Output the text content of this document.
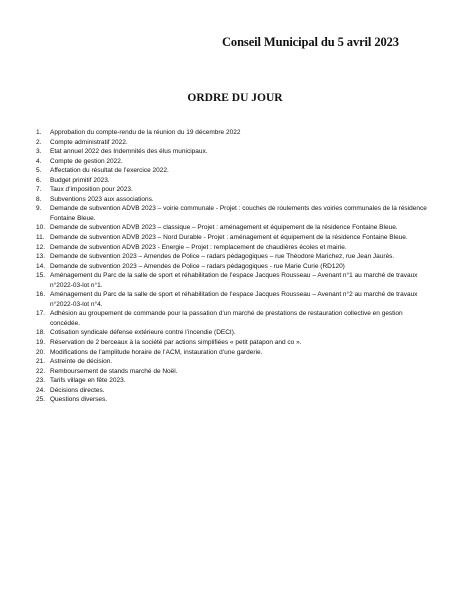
Conseil Municipal du 5 avril 2023
ORDRE DU JOUR
1.	Approbation du compte-rendu de la réunion du 19 décembre 2022
2.	Compte administratif 2022.
3.	Etat annuel 2022 des Indemnités des élus municipaux.
4.	Compte de gestion 2022.
5.	Affectation du résultat de l’exercice 2022.
6.	Budget primitif 2023.
7.	Taux d’imposition pour 2023.
8.	Subventions 2023 aux associations.
9.	Demande de subvention ADVB 2023 – voirie communale - Projet : couches de roulements des voiries communales de la résidence Fontaine Bleue.
10. Demande de subvention ADVB 2023 – classique – Projet : aménagement et équipement de la résidence Fontaine Bleue.
11. Demande de subvention ADVB 2023 – Nord Durable - Projet : aménagement et équipement de la résidence Fontaine Bleue.
12. Demande de subvention ADVB 2023 - Energie – Projet : remplacement de chaudières écoles et mairie.
13. Demande de subvention 2023 – Amendes de Police – radars pédagogiques – rue Théodore Marichez, rue Jean Jaurès.
14. Demande de subvention 2023 – Amendes de Police – radars pédagogiques - rue Marie Curie (RD120)
15. Aménagement du Parc de la salle de sport et réhabilitation de l’espace Jacques Rousseau – Avenant n°1 au marché de travaux n°2022-03-lot n°1.
16. Aménagement du Parc de la salle de sport et réhabilitation de l’espace Jacques Rousseau – Avenant n°2 au marché de travaux n°2022-03-lot n°4.
17. Adhésion au groupement de commande pour la passation d’un marché de prestations de restauration collective en gestion concédée.
18. Cotisation syndicale défense extérieure contre l’incendie (DECI).
19. Réservation de 2 berceaux à la société par actions simplifiées « petit patapon and co ».
20. Modifications de l’amplitude horaire de l’ACM, instauration d’une garderie.
21. Astreinte de décision.
22. Remboursement de stands marché de Noël.
23. Tarifs village en fête 2023.
24. Décisions directes.
25. Questions diverses.
